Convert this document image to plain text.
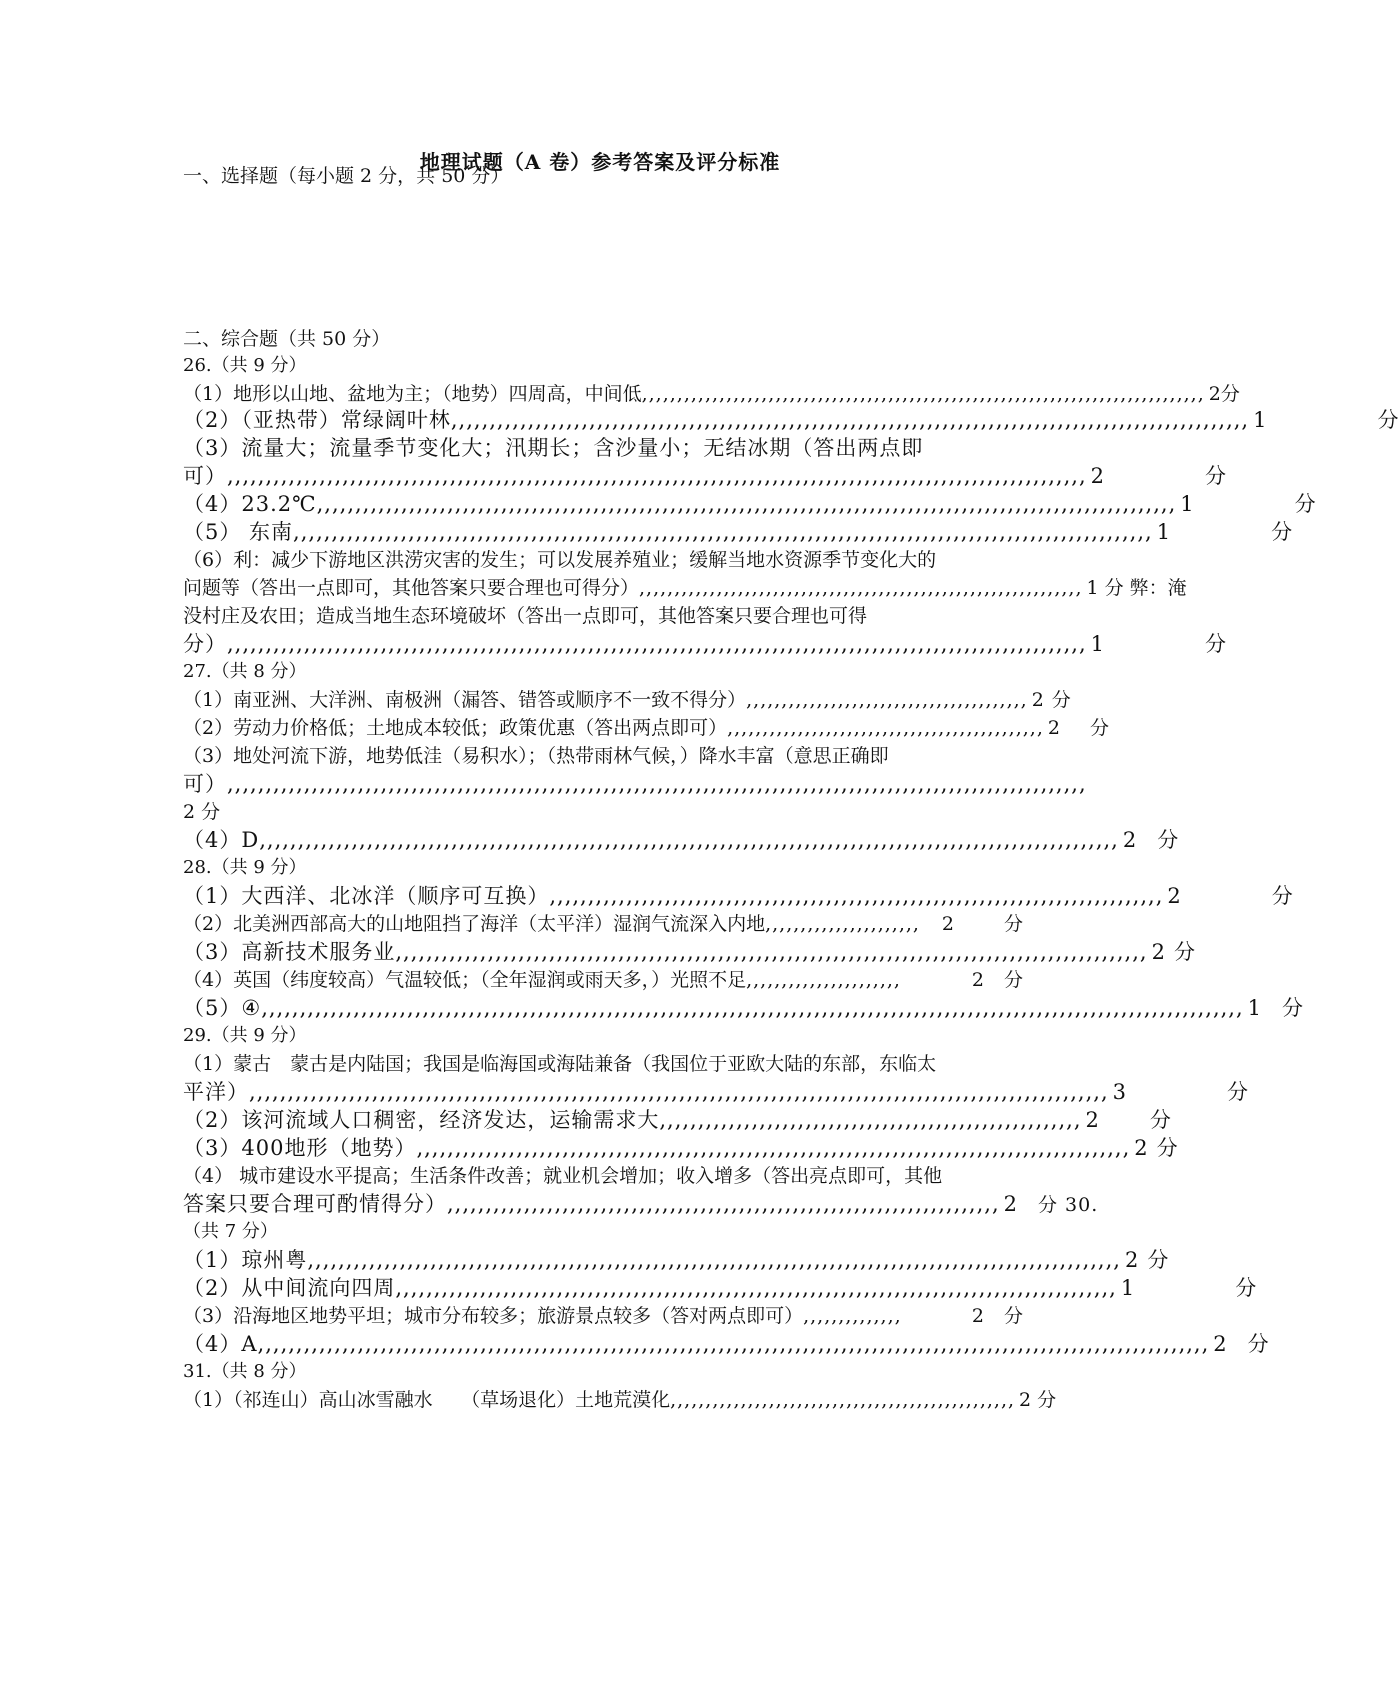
地理试题（A 卷）参考答案及评分标准
一、选择题（每小题 2 分，共 50 分）
二、综合题（共 50 分）
26.（共 9 分）
（1）地形以山地、盆地为主；（地势）四周高，中间低 ,,,,,,,,,,,,,,,,,,,,,,,,,,,,,,,,,,,,,,,,,,,,,,,,,,,,,,,,,,,,,,,,,,,,,,,,,,,,,,,, 2 分
（2）（亚热带）常绿阔叶林 ,,,,,,,,,,,,,,,,,,,,,,,,,,,,,,,,,,,,,,,,,,,,,,,,,,,,,,,,,,,,,,,,,,,,,,,,,,,,,,,,,,,,,,,,,,,,,,,,,,,,,,,, 1	分
（3）流量大；流量季节变化大；汛期长；含沙量小；无结冰期（答出两点即
可） ,,,,,,,,,,,,,,,,,,,,,,,,,,,,,,,,,,,,,,,,,,,,,,,,,,,,,,,,,,,,,,,,,,,,,,,,,,,,,,,,,,,,,,,,,,,,,,,,,,,,,,,,,,,,,,,, 2	分
（4）23.2℃ ,,,,,,,,,,,,,,,,,,,,,,,,,,,,,,,,,,,,,,,,,,,,,,,,,,,,,,,,,,,,,,,,,,,,,,,,,,,,,,,,,,,,,,,,,,,,,,,,,,,,,,,,,,,,,,,, 1	分
（5） 东南 ,,,,,,,,,,,,,,,,,,,,,,,,,,,,,,,,,,,,,,,,,,,,,,,,,,,,,,,,,,,,,,,,,,,,,,,,,,,,,,,,,,,,,,,,,,,,,,,,,,,,,,,,,,,,,,,, 1	分
（6）利：减少下游地区洪涝灾害的发生；可以发展养殖业；缓解当地水资源季节变化大的
问题等（答出一点即可，其他答案只要合理也可得分） ,,,,,,,,,,,,,,,,,,,,,,,,,,,,,,,,,,,,,,,,,,,,,,,,,,,,,,,,,,,,,,, 1 分 弊：淹
没村庄及农田；造成当地生态环境破坏（答出一点即可，其他答案只要合理也可得
分） ,,,,,,,,,,,,,,,,,,,,,,,,,,,,,,,,,,,,,,,,,,,,,,,,,,,,,,,,,,,,,,,,,,,,,,,,,,,,,,,,,,,,,,,,,,,,,,,,,,,,,,,,,,,,,,,, 1	分
27.（共 8 分）
（1）南 亚洲、大洋洲、南极洲（漏答、错答或顺序不一致不得分） ,,,,,,,,,,,,,,,,,,,,,,,,,,,,,,,,,,,,,,,, 2 分
（2）劳动力价格低；土地成本较低；政策优惠（答出两点即可） ,,,,,,,,,,,,,,,,,,,,,,,,,,,,,,,,,,,,,,,,,,,,, 2	分
（3）地处河流下游，地势低洼（易积水）；（热带雨林气候，）降水丰富（意思正确即
可） ,,,,,,,,,,,,,,,,,,,,,,,,,,,,,,,,,,,,,,,,,,,,,,,,,,,,,,,,,,,,,,,,,,,,,,,,,,,,,,,,,,,,,,,,,,,,,,,,,,,,,,,,,,,,,,,,
2 分
（4） D ,,,,,,,,,,,,,,,,,,,,,,,,,,,,,,,,,,,,,,,,,,,,,,,,,,,,,,,,,,,,,,,,,,,,,,,,,,,,,,,,,,,,,,,,,,,,,,,,,,,,,,,,,,,,,,,, 2 分
28.（共 9 分）
（1）大西洋、北冰洋（顺序可互换） ,,,,,,,,,,,,,,,,,,,,,,,,,,,,,,,,,,,,,,,,,,,,,,,,,,,,,,,,,,,,,,,,,,,,,,,,,,,,,,,, 2	分
（2）北美洲西部高大的山地阻挡了海洋（太平洋）湿润气流深入内地 ,,,,,,,,,,,,,,,,,,,,,,	2	分
（3）高新技术 服务业 ,,,,,,,,,,,,,,,,,,,,,,,,,,,,,,,,,,,,,,,,,,,,,,,,,,,,,,,,,,,,,,,,,,,,,,,,,,,,,,,,,,,,,,,,,,,,,,,,,, 2 分
（4）英国（纬度较高）气温较低；（全年湿润或雨天多，）光照不足 ,,,,,,,,,,,,,,,,,,,,,,	2	分
（5） ④ ,,,,,,,,,,,,,,,,,,,,,,,,,,,,,,,,,,,,,,,,,,,,,,,,,,,,,,,,,,,,,,,,,,,,,,,,,,,,,,,,,,,,,,,,,,,,,,,,,,,,,,,,,,,,,,,,,,,,,,,,,,,,,,,, 1 分
29.（共 9 分）
（1）蒙古　蒙古是内陆国；我国是临海国或海陆兼备（我国位于亚欧大陆的东部，东临太
平洋） ,,,,,,,,,,,,,,,,,,,,,,,,,,,,,,,,,,,,,,,,,,,,,,,,,,,,,,,,,,,,,,,,,,,,,,,,,,,,,,,,,,,,,,,,,,,,,,,,,,,,,,,,,,,,,,,, 3	分
（2）该河流域人口稠密，经济发达，运输需求大 ,,,,,,,,,,,,,,,,,,,,,,,,,,,,,,,,,,,,,,,,,,,,,,,,,,,,,,, 2	分
（3）400 地形（地势） ,,,,,,,,,,,,,,,,,,,,,,,,,,,,,,,,,,,,,,,,,,,,,,,,,,,,,,,,,,,,,,,,,,,,,,,,,,,,,,,,,,,,,,,,,,,,, 2 分
（4） 城市建设水平提高；生活条件改善；就业机会增加；收入增多（答出亮点即可，其他
答案只要合理可酌情得分） ,,,,,,,,,,,,,,,,,,,,,,,,,,,,,,,,,,,,,,,,,,,,,,,,,,,,,,,,,,,,,,,,,,,,,,,, 2	分 30.
（共 7 分）
（1）琼州 粤 ,,,,,,,,,,,,,,,,,,,,,,,,,,,,,,,,,,,,,,,,,,,,,,,,,,,,,,,,,,,,,,,,,,,,,,,,,,,,,,,,,,,,,,,,,,,,,,,,,,,,,,,,,, 2 分
（2）从中间流向四周 ,,,,,,,,,,,,,,,,,,,,,,,,,,,,,,,,,,,,,,,,,,,,,,,,,,,,,,,,,,,,,,,,,,,,,,,,,,,,,,,,,,,,,,,,,,,,,, 1	分
（3）沿海地区地势平坦；城市分布较多；旅游景点较多（答对两点即可） ,,,,,,,,,,,,,,	2	分
（4） A ,,,,,,,,,,,,,,,,,,,,,,,,,,,,,,,,,,,,,,,,,,,,,,,,,,,,,,,,,,,,,,,,,,,,,,,,,,,,,,,,,,,,,,,,,,,,,,,,,,,,,,,,,,,,,,,,,,,,,,,,,,,, 2 分
31.（共 8 分）
（1）（祁连山）高山冰雪融水　　（草场退化）土地荒漠化 ,,,,,,,,,,,,,,,,,,,,,,,,,,,,,,,,,,,,,,,,,,,,,,,,, 2 分
